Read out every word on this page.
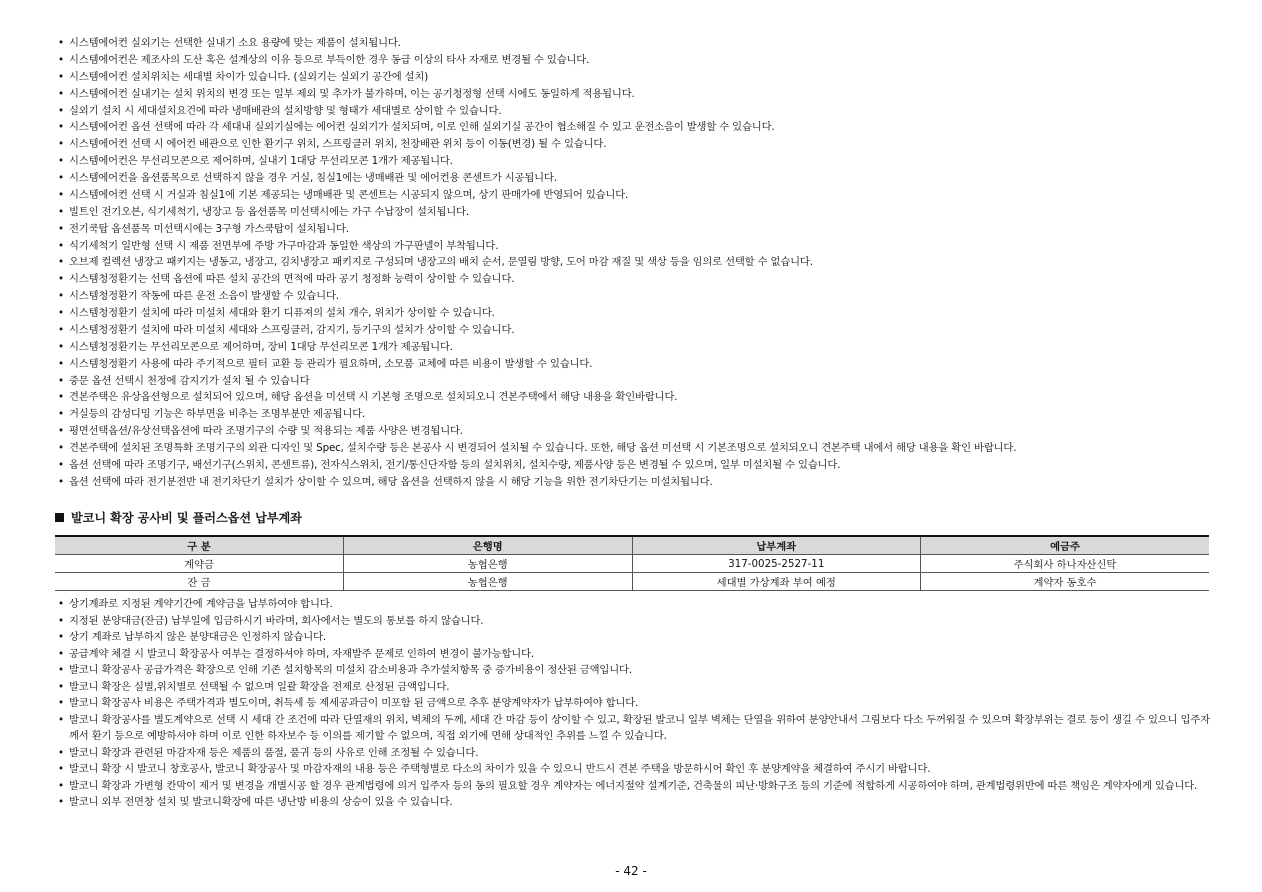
• 시스템에어컨 실외기는 선택한 실내기 소요 용량에 맞는 제품이 설치됩니다.
• 시스템에어컨은 제조사의 도산 혹은 설계상의 이유 등으로 부득이한 경우 동급 이상의 타사 자재로 변경될 수 있습니다.
• 시스템에어컨 설치위치는 세대별 차이가 있습니다. (실외기는 실외기 공간에 설치)
• 시스템에어컨 실내기는 설치 위치의 변경 또는 일부 제외 및 추가가 불가하며, 이는 공기청정형 선택 시에도 동일하게 적용됩니다.
• 실외기 설치 시 세대설치요건에 따라 냉매배관의 설치방향 및 형태가 세대별로 상이할 수 있습니다.
• 시스템에어컨 옵션 선택에 따라 각 세대내 실외기실에는 에어컨 실외기가 설치되며, 이로 인해 실외기실 공간이 협소해질 수 있고 운전소음이 발생할 수 있습니다.
• 시스템에어컨 선택 시 에어컨 배관으로 인한 환기구 위치, 스프링클러 위치, 천장배관 위치 등이 이동(변경) 될 수 있습니다.
• 시스템에어컨은 무선리모콘으로 제어하며, 실내기 1대당 무선리모콘 1개가 제공됩니다.
• 시스템에어컨을 옵션품목으로 선택하지 않을 경우 거실, 침실1에는 냉매배관 및 에어컨용 콘센트가 시공됩니다.
• 시스템에어컨 선택 시 거실과 침실1에 기본 제공되는 냉매배관 및 콘센트는 시공되지 않으며, 상기 판매가에 반영되어 있습니다.
• 빌트인 전기오븐, 식기세척기, 냉장고 등 옵션품목 미선택시에는 가구 수납장이 설치됩니다.
• 전기쿡탑 옵션품목 미선택시에는 3구형 가스쿡탑이 설치됩니다.
• 식기세척기 일반형 선택 시 제품 전면부에 주방 가구마감과 동일한 색상의 가구판넬이 부착됩니다.
• 오브제 컬렉션 냉장고 패키지는 냉동고, 냉장고, 김치냉장고 패키지로 구성되며 냉장고의 배치 순서, 문열림 방향, 도어 마감 재질 및 색상 등을 임의로 선택할 수 없습니다.
• 시스템청정환기는 선택 옵션에 따른 설치 공간의 면적에 따라 공기 청정화 능력이 상이할 수 있습니다.
• 시스템청정환기 작동에 따른 운전 소음이 발생할 수 있습니다.
• 시스템청정환기 설치에 따라 미설치 세대와 환기 디퓨져의 설치 개수, 위치가 상이할 수 있습니다.
• 시스템청정환기 설치에 따라 미설치 세대와 스프링클러, 감지기, 등기구의 설치가 상이할 수 있습니다.
• 시스템청정환기는 무선리모콘으로 제어하며, 장비 1대당 무선리모콘 1개가 제공됩니다.
• 시스템청정환기 사용에 따라 주기적으로 필터 교환 등 관리가 필요하며, 소모품 교체에 따른 비용이 발생할 수 있습니다.
• 중문 옵션 선택시 천정에 감지기가 설치 될 수 있습니다
• 견본주택은 유상옵션형으로 설치되어 있으며, 해당 옵션을 미선택 시 기본형 조명으로 설치되오니 견본주택에서 해당 내용을 확인바랍니다.
• 거실등의 감성디밍 기능은 하부면을 비추는 조명부분만 제공됩니다.
• 평면선택옵션/유상선택옵션에 따라 조명기구의 수량 및 적용되는 제품 사양은 변경됩니다.
• 견본주택에 설치된 조명특화 조명기구의 외관 디자인 및 Spec, 설치수량 등은 본공사 시 변경되어 설치될 수 있습니다. 또한, 해당 옵션 미선택 시 기본조명으로 설치되오니 견본주택 내에서 해당 내용을 확인 바랍니다.
• 옵션 선택에 따라 조명기구, 배선기구(스위치, 콘센트류), 전자식스위치, 전기/통신단자함 등의 설치위치, 설치수량, 제품사양 등은 변경될 수 있으며, 일부 미설치될 수 있습니다.
• 옵션 선택에 따라 전기분전반 내 전기차단기 설치가 상이할 수 있으며, 해당 옵션을 선택하지 않을 시 해당 기능을 위한 전기차단기는 미설치됩니다.
발코니 확장 공사비 및 플러스옵션 납부계좌
구 분	은행명	납부계좌	예금주
계약금	농협은행	317-0025-2527-11	주식회사 하나자산신탁
잔 금	농협은행	세대별 가상계좌 부여 예정	계약자 동호수
• 상기계좌로 지정된 계약기간에 계약금을 납부하여야 합니다.
• 지정된 분양대금(잔금) 납부일에 입금하시기 바라며, 회사에서는 별도의 통보를 하지 않습니다.
• 상기 계좌로 납부하지 않은 분양대금은 인정하지 않습니다.
• 공급계약 체결 시 발코니 확장공사 여부는 결정하셔야 하며, 자재발주 문제로 인하여 변경이 불가능합니다.
• 발코니 확장공사 공급가격은 확장으로 인해 기존 설치항목의 미설치 감소비용과 추가설치항목 중 증가비용이 정산된 금액입니다.
• 발코니 확장은 실별,위치별로 선택될 수 없으며 일괄 확장을 전제로 산정된 금액입니다.
• 발코니 확장공사 비용은 주택가격과 별도이며, 취득세 등 제세공과금이 미포함 된 금액으로 추후 분양계약자가 납부하여야 합니다.
• 발코니 확장공사를 별도계약으로 선택 시 세대 간 조건에 따라 단열재의 위치, 벽체의 두께, 세대 간 마감 등이 상이할 수 있고, 확장된 발코니 일부 벽체는 단열을 위하여 분양안내서 그림보다 다소 두꺼워질 수 있으며 확장부위는 결로 등이 생길 수 있으니 입주자께서 환기 등으로 예방하셔야 하며 이로 인한 하자보수 등 이의를 제기할 수 없으며, 직접 외기에 면해 상대적인 추위를 느낄 수 있습니다.
• 발코니 확장과 관련된 마감자재 등은 제품의 품절, 품귀 등의 사유로 인해 조정될 수 있습니다.
• 발코니 확장 시 발코니 창호공사, 발코니 확장공사 및 마감자재의 내용 등은 주택형별로 다소의 차이가 있을 수 있으니 반드시 견본 주택을 방문하시어 확인 후 분양계약을 체결하여 주시기 바랍니다.
• 발코니 확장과 가변형 칸막이 제거 및 변경을 개별시공 할 경우 관계법령에 의거 입주자 등의 동의 필요할 경우 계약자는 에너지절약 설계기준, 건축물의 피난·방화구조 등의 기준에 적합하게 시공하여야 하며, 관계법령위반에 따른 책임은 계약자에게 있습니다.
• 발코니 외부 전면창 설치 및 발코니확장에 따른 냉난방 비용의 상승이 있을 수 있습니다.
- 42 -
